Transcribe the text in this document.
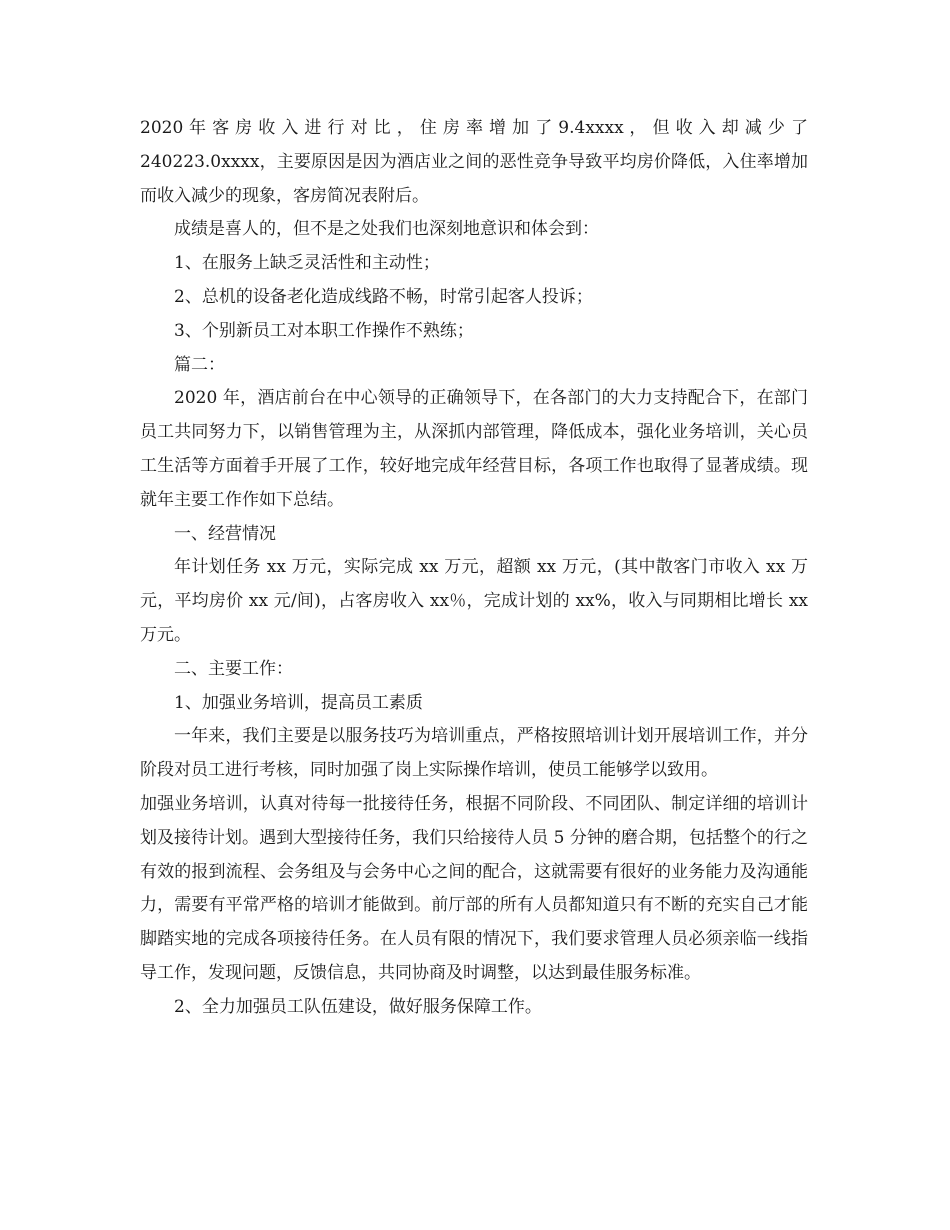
2020 年 客 房 收 入 进 行 对 比 ， 住 房 率 增 加 了 9.4xxxx ， 但 收 入 却 减 少 了

240223.0xxxx，主要原因是因为酒店业之间的恶性竞争导致平均房价降低，入住率增加而收入减少的现象，客房简况表附后。

成绩是喜人的，但不是之处我们也深刻地意识和体会到：

1、在服务上缺乏灵活性和主动性；

2、总机的设备老化造成线路不畅，时常引起客人投诉；

3、个别新员工对本职工作操作不熟练；

篇二：

2020 年，酒店前台在中心领导的正确领导下，在各部门的大力支持配合下，在部门员工共同努力下，以销售管理为主，从深抓内部管理，降低成本，强化业务培训，关心员工生活等方面着手开展了工作，较好地完成年经营目标，各项工作也取得了显著成绩。现就年主要工作作如下总结。

一、经营情况

年计划任务 xx 万元，实际完成 xx 万元，超额 xx 万元，(其中散客门市收入 xx 万元，平均房价 xx 元/间)，占客房收入 xx％，完成计划的 xx%，收入与同期相比增长 xx 万元。

二、主要工作：

1、加强业务培训，提高员工素质

一年来，我们主要是以服务技巧为培训重点，严格按照培训计划开展培训工作，并分阶段对员工进行考核，同时加强了岗上实际操作培训，使员工能够学以致用。

加强业务培训，认真对待每一批接待任务，根据不同阶段、不同团队、制定详细的培训计划及接待计划。遇到大型接待任务，我们只给接待人员 5 分钟的磨合期，包括整个的行之有效的报到流程、会务组及与会务中心之间的配合，这就需要有很好的业务能力及沟通能力，需要有平常严格的培训才能做到。前厅部的所有人员都知道只有不断的充实自己才能脚踏实地的完成各项接待任务。在人员有限的情况下，我们要求管理人员必须亲临一线指导工作，发现问题，反馈信息，共同协商及时调整，以达到最佳服务标准。

2、全力加强员工队伍建设，做好服务保障工作。
